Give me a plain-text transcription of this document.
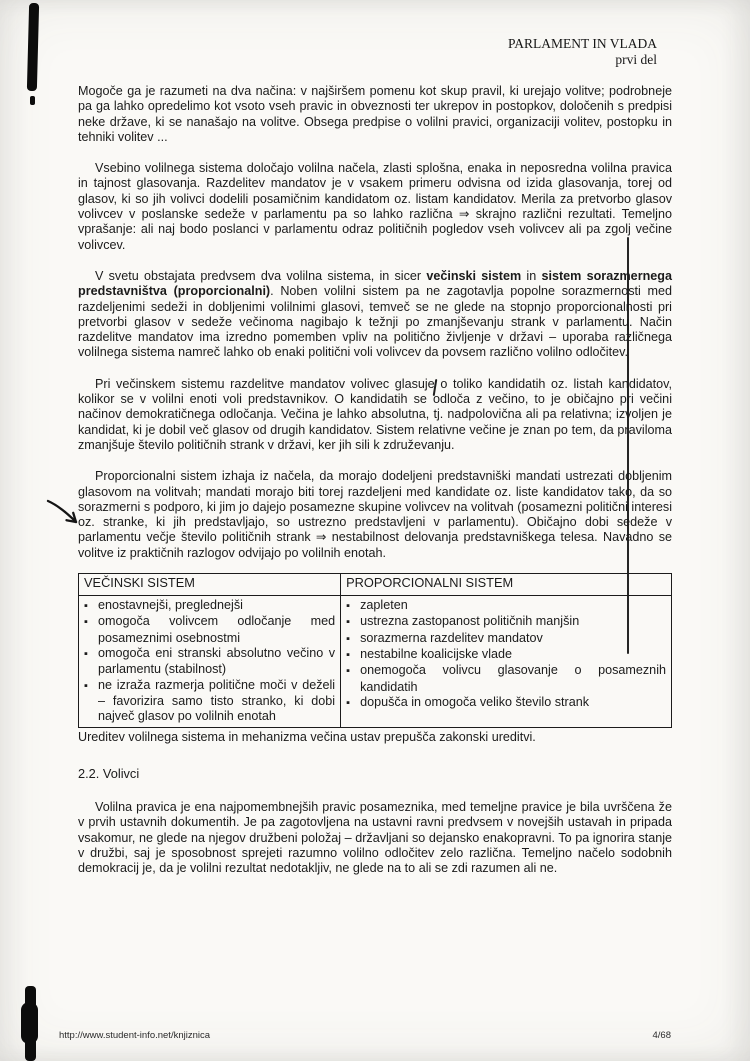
PARLAMENT IN VLADA
prvi del

Mogoče ga je razumeti na dva načina: v najširšem pomenu kot skup pravil, ki urejajo volitve; podrobneje pa ga lahko opredelimo kot vsoto vseh pravic in obveznosti ter ukrepov in postopkov, določenih s predpisi neke države, ki se nanašajo na volitve. Obsega predpise o volilni pravici, organizaciji volitev, postopku in tehniki volitev ...

Vsebino volilnega sistema določajo volilna načela, zlasti splošna, enaka in neposredna volilna pravica in tajnost glasovanja. Razdelitev mandatov je v vsakem primeru odvisna od izida glasovanja, torej od glasov, ki so jih volivci dodelili posamičnim kandidatom oz. listam kandidatov. Merila za pretvorbo glasov volivcev v poslanske sedeže v parlamentu pa so lahko različna ⇒ skrajno različni rezultati. Temeljno vprašanje: ali naj bodo poslanci v parlamentu odraz političnih pogledov vseh volivcev ali pa zgolj večine volivcev.

V svetu obstajata predvsem dva volilna sistema, in sicer večinski sistem in sistem sorazmernega predstavništva (proporcionalni). Noben volilni sistem pa ne zagotavlja popolne sorazmernosti med razdeljenimi sedeži in dobljenimi volilnimi glasovi, temveč se ne glede na stopnjo proporcionalnosti pri pretvorbi glasov v sedeže večinoma nagibajo k težnji po zmanjševanju strank v parlamentu. Način razdelitve mandatov ima izredno pomemben vpliv na politično življenje v državi – uporaba različnega volilnega sistema namreč lahko ob enaki politični voli volivcev da povsem različno volilno odločitev.

Pri večinskem sistemu razdelitve mandatov volivec glasuje o toliko kandidatih oz. listah kandidatov, kolikor se v volilni enoti voli predstavnikov. O kandidatih se odloča z večino, to je običajno pri večini načinov demokratičnega odločanja. Večina je lahko absolutna, tj. nadpolovična ali pa relativna; izvoljen je kandidat, ki je dobil več glasov od drugih kandidatov. Sistem relativne večine je znan po tem, da praviloma zmanjšuje število političnih strank v državi, ker jih sili k združevanju.

Proporcionalni sistem izhaja iz načela, da morajo dodeljeni predstavniški mandati ustrezati dobljenim glasovom na volitvah; mandati morajo biti torej razdeljeni med kandidate oz. liste kandidatov tako, da so sorazmerni s podporo, ki jim jo dajejo posamezne skupine volivcev na volitvah (posamezni politični interesi oz. stranke, ki jih predstavljajo, so ustrezno predstavljeni v parlamentu). Običajno dobi sedeže v parlamentu večje število političnih strank ⇒ nestabilnost delovanja predstavniškega telesa. Navadno se volitve iz praktičnih razlogov odvijajo po volilnih enotah.

VEČINSKI SISTEM	PROPORCIONALNI SISTEM

▪ enostavnejši, preglednejši
▪ omogoča volivcem odločanje med posameznimi osebnostmi
▪ omogoča eni stranski absolutno večino v parlamentu (stabilnost)
▪ ne izraža razmerja politične moči v deželi – favorizira samo tisto stranko, ki dobi največ glasov po volilnih enotah

▪ zapleten
▪ ustrezna zastopanost političnih manjšin
▪ sorazmerna razdelitev mandatov
▪ nestabilne koalicijske vlade
▪ onemogoča volivcu glasovanje o posameznih kandidatih
▪ dopušča in omogoča veliko število strank

Ureditev volilnega sistema in mehanizma večina ustav prepušča zakonski ureditvi.

2.2. Volivci

Volilna pravica je ena najpomembnejših pravic posameznika, med temeljne pravice je bila uvrščena že v prvih ustavnih dokumentih. Je pa zagotovljena na ustavni ravni predvsem v novejših ustavah in pripada vsakomur, ne glede na njegov družbeni položaj – državljani so dejansko enakopravni. To pa ignorira stanje v družbi, saj je sposobnost sprejeti razumno volilno odločitev zelo različna. Temeljno načelo sodobnih demokracij je, da je volilni rezultat nedotakljiv, ne glede na to ali se zdi razumen ali ne.

http://www.student-info.net/knjiznica	4/68
